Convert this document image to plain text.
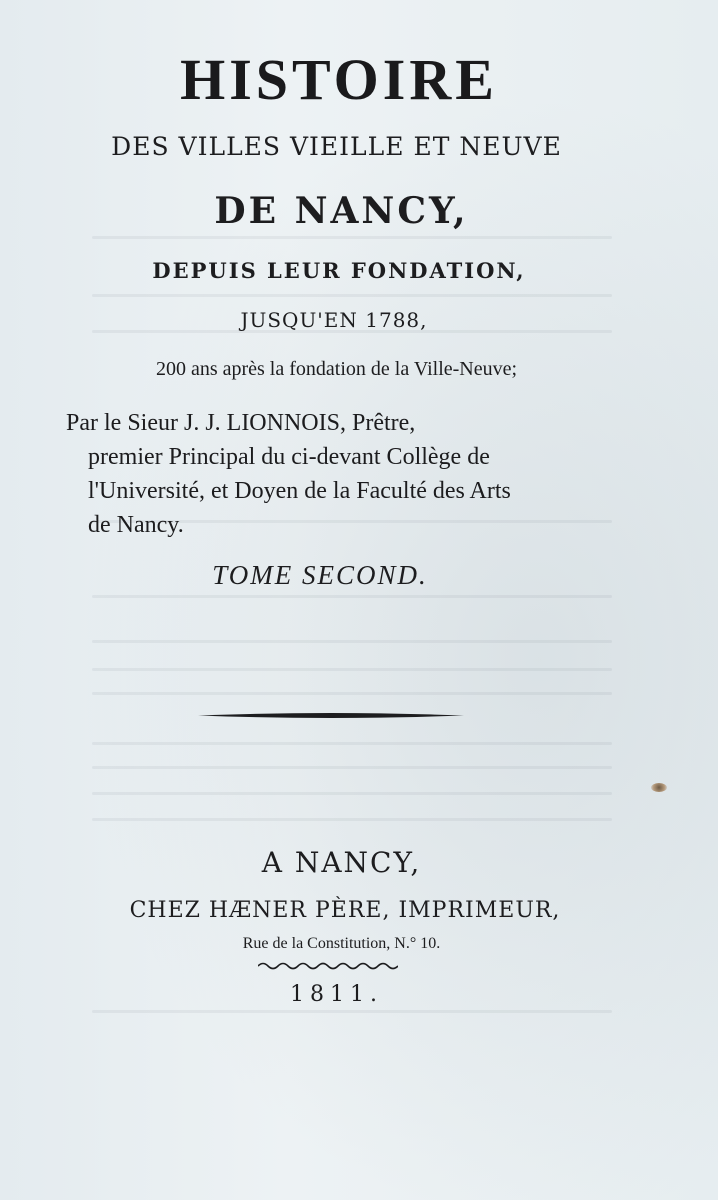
HISTOIRE
DES VILLES VIEILLE ET NEUVE
DE NANCY,
DEPUIS LEUR FONDATION,
JUSQU'EN 1788,
200 ans après la fondation de la Ville-Neuve;
Par le Sieur J. J. LIONNOIS, Prêtre,
premier Principal du ci-devant Collège de
l'Université, et Doyen de la Faculté des Arts
de Nancy.
TOME SECOND.
A NANCY,
CHEZ HÆNER PÈRE, IMPRIMEUR,
Rue de la Constitution, N.° 10.
1811.
